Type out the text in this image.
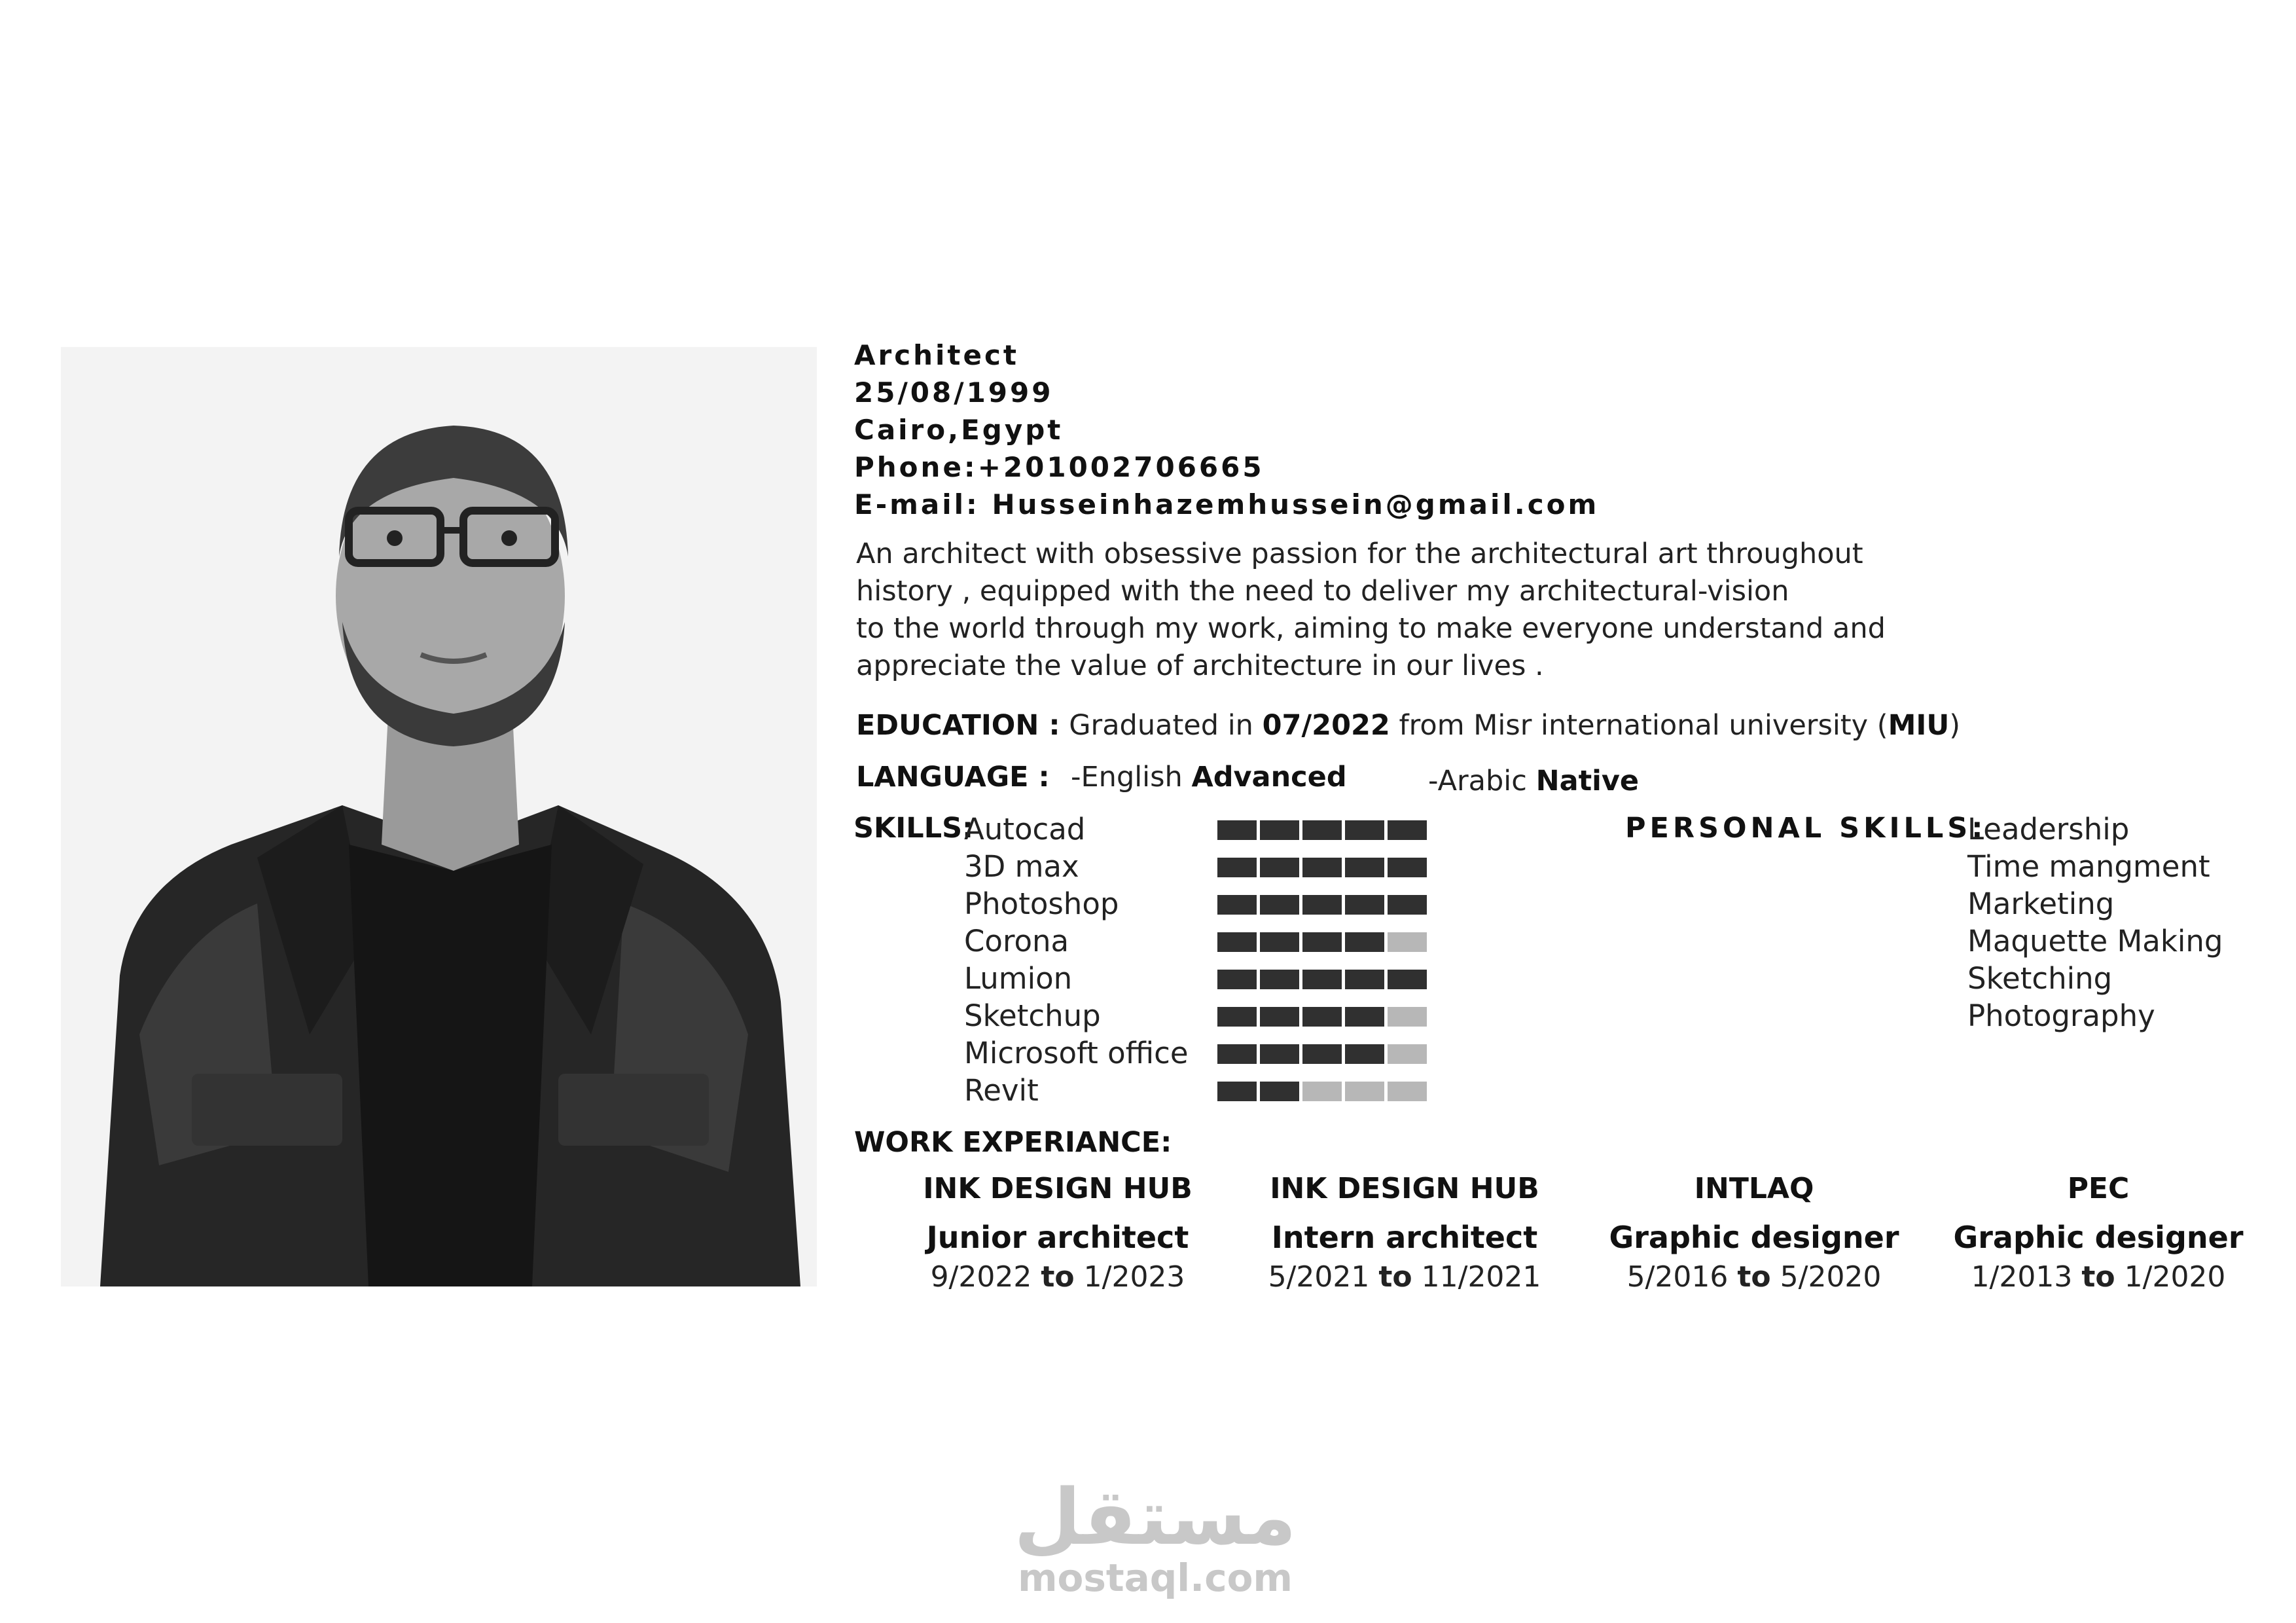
Architect
25/08/1999
Cairo,Egypt
Phone:+201002706665
E-mail: Husseinhazemhussein@gmail.com
An architect with obsessive passion for the architectural art throughout
history , equipped with the need to deliver my architectural-vision
to the world through my work, aiming to make everyone understand and
appreciate the value of architecture in our lives .
EDUCATION : Graduated in 07/2022 from Misr international university (MIU)
LANGUAGE : -English Advanced	-Arabic Native
SKILLS:
Autocad
3D max
Photoshop
Corona
Lumion
Sketchup
Microsoft office
Revit
PERSONAL SKILLS:
Leadership
Time mangment
Marketing
Maquette Making
Sketching
Photography
WORK EXPERIANCE:
INK DESIGN HUB
Junior architect
9/2022 to 1/2023
INK DESIGN HUB
Intern architect
5/2021 to 11/2021
INTLAQ
Graphic designer
5/2016 to 5/2020
PEC
Graphic designer
1/2013 to 1/2020
مستقل
mostaql.com
